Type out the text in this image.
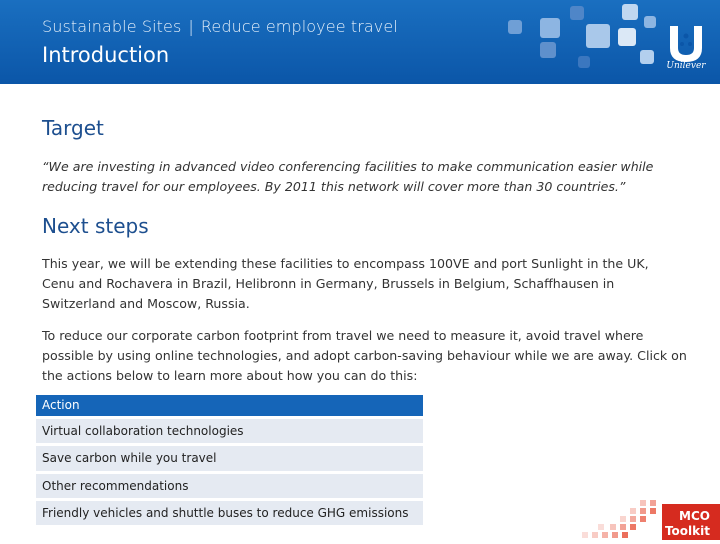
Sustainable Sites | Reduce employee travel
Introduction	Unilever
Target
“We are investing in advanced video conferencing facilities to make communication easier while reducing travel for our employees. By 2011 this network will cover more than 30 countries.”
Next steps
This year, we will be extending these facilities to encompass 100VE and port Sunlight in the UK, Cenu and Rochavera in Brazil, Helibronn in Germany, Brussels in Belgium, Schaffhausen in Switzerland and Moscow, Russia.
To reduce our corporate carbon footprint from travel we need to measure it, avoid travel where possible by using online technologies, and adopt carbon-saving behaviour while we are away. Click on the actions below to learn more about how you can do this:
Action
Virtual collaboration technologies
Save carbon while you travel
Other recommendations
Friendly vehicles and shuttle buses to reduce GHG emissions	MCO
Toolkit
